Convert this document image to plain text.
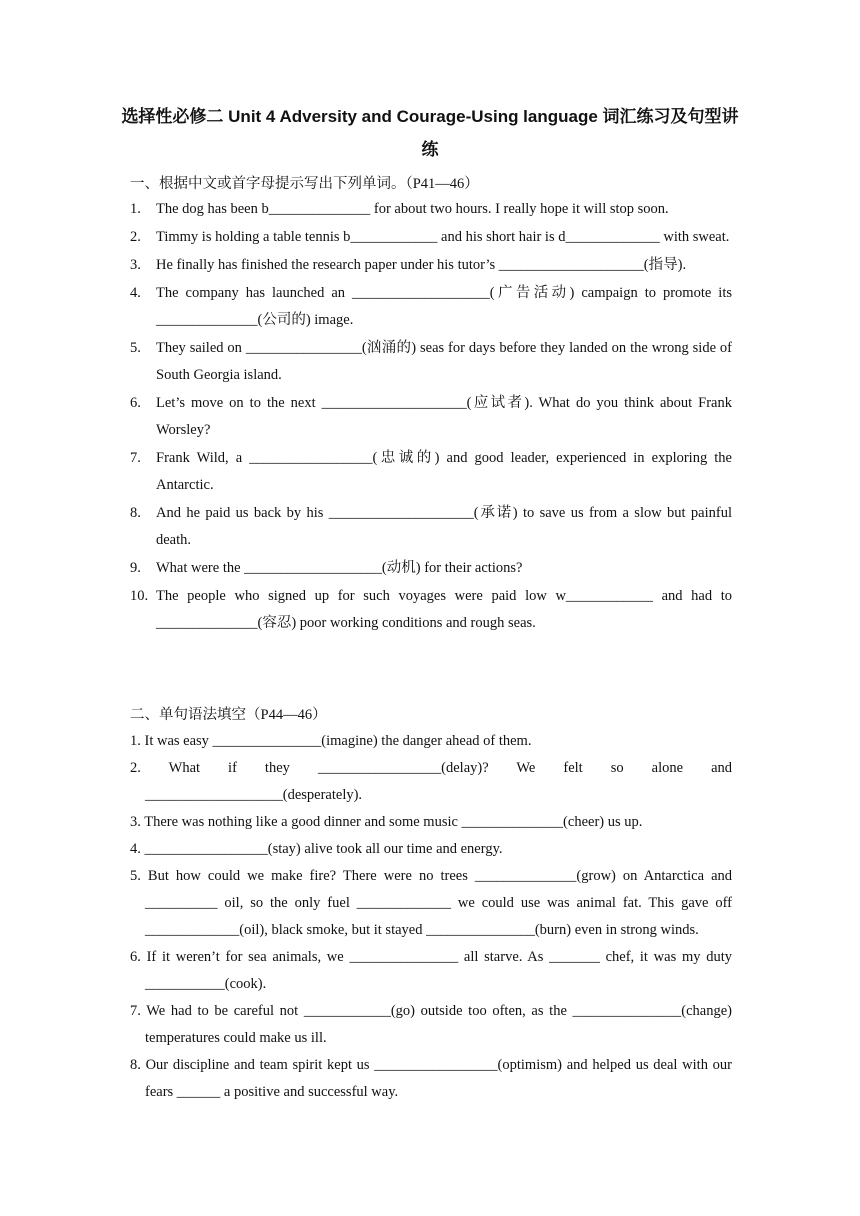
选择性必修二 Unit 4 Adversity and Courage-Using language 词汇练习及句型讲练
一、根据中文或首字母提示写出下列单词。（P41—46）
1. The dog has been b______________ for about two hours. I really hope it will stop soon.
2. Timmy is holding a table tennis b____________ and his short hair is d_____________ with sweat.
3. He finally has finished the research paper under his tutor’s ____________________(指导).
4. The company has launched an ___________________(广告活动) campaign to promote its ______________(公司的) image.
5. They sailed on ________________(汹涌的) seas for days before they landed on the wrong side of South Georgia island.
6. Let’s move on to the next ____________________(应试者). What do you think about Frank Worsley?
7. Frank Wild, a _________________(忠诚的) and good leader, experienced in exploring the Antarctic.
8. And he paid us back by his ____________________(承诺) to save us from a slow but painful death.
9. What were the ___________________(动机) for their actions?
10. The people who signed up for such voyages were paid low w____________ and had to ______________(容忍) poor working conditions and rough seas.
二、单句语法填空（P44—46）
1. It was easy _______________(imagine) the danger ahead of them.
2. What if they _________________(delay)? We felt so alone and ___________________(desperately).
3. There was nothing like a good dinner and some music ______________(cheer) us up.
4. _________________(stay) alive took all our time and energy.
5. But how could we make fire? There were no trees ______________(grow) on Antarctica and __________ oil, so the only fuel _____________ we could use was animal fat. This gave off _____________(oil), black smoke, but it stayed _______________(burn) even in strong winds.
6. If it weren’t for sea animals, we _______________ all starve. As _______ chef, it was my duty ___________(cook).
7. We had to be careful not ____________(go) outside too often, as the _______________(change) temperatures could make us ill.
8. Our discipline and team spirit kept us _________________(optimism) and helped us deal with our fears ______ a positive and successful way.
